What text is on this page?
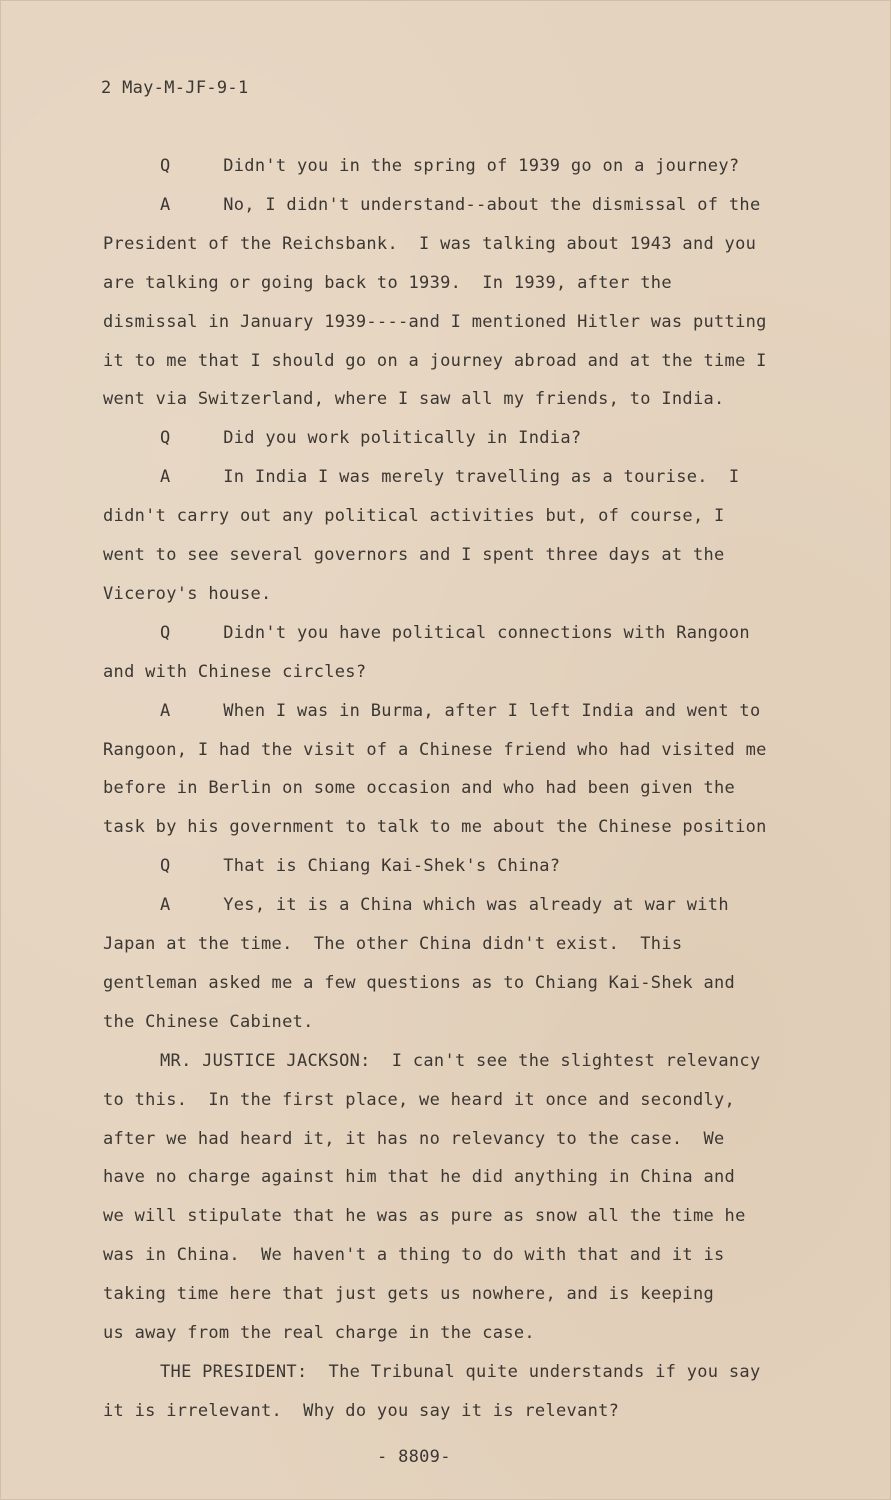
2 May-M-JF-9-1
Q     Didn't you in the spring of 1939 go on a journey?
A     No, I didn't understand--about the dismissal of the
President of the Reichsbank.  I was talking about 1943 and you
are talking or going back to 1939.  In 1939, after the
dismissal in January 1939----and I mentioned Hitler was putting
it to me that I should go on a journey abroad and at the time I
went via Switzerland, where I saw all my friends, to India.
Q     Did you work politically in India?
A     In India I was merely travelling as a tourise.  I
didn't carry out any political activities but, of course, I
went to see several governors and I spent three days at the
Viceroy's house.
Q     Didn't you have political connections with Rangoon
and with Chinese circles?
A     When I was in Burma, after I left India and went to
Rangoon, I had the visit of a Chinese friend who had visited me
before in Berlin on some occasion and who had been given the
task by his government to talk to me about the Chinese position
Q     That is Chiang Kai-Shek's China?
A     Yes, it is a China which was already at war with
Japan at the time.  The other China didn't exist.  This
gentleman asked me a few questions as to Chiang Kai-Shek and
the Chinese Cabinet.
MR. JUSTICE JACKSON:  I can't see the slightest relevancy
to this.  In the first place, we heard it once and secondly,
after we had heard it, it has no relevancy to the case.  We
have no charge against him that he did anything in China and
we will stipulate that he was as pure as snow all the time he
was in China.  We haven't a thing to do with that and it is
taking time here that just gets us nowhere, and is keeping
us away from the real charge in the case.
THE PRESIDENT:  The Tribunal quite understands if you say
it is irrelevant.  Why do you say it is relevant?
- 8809-
